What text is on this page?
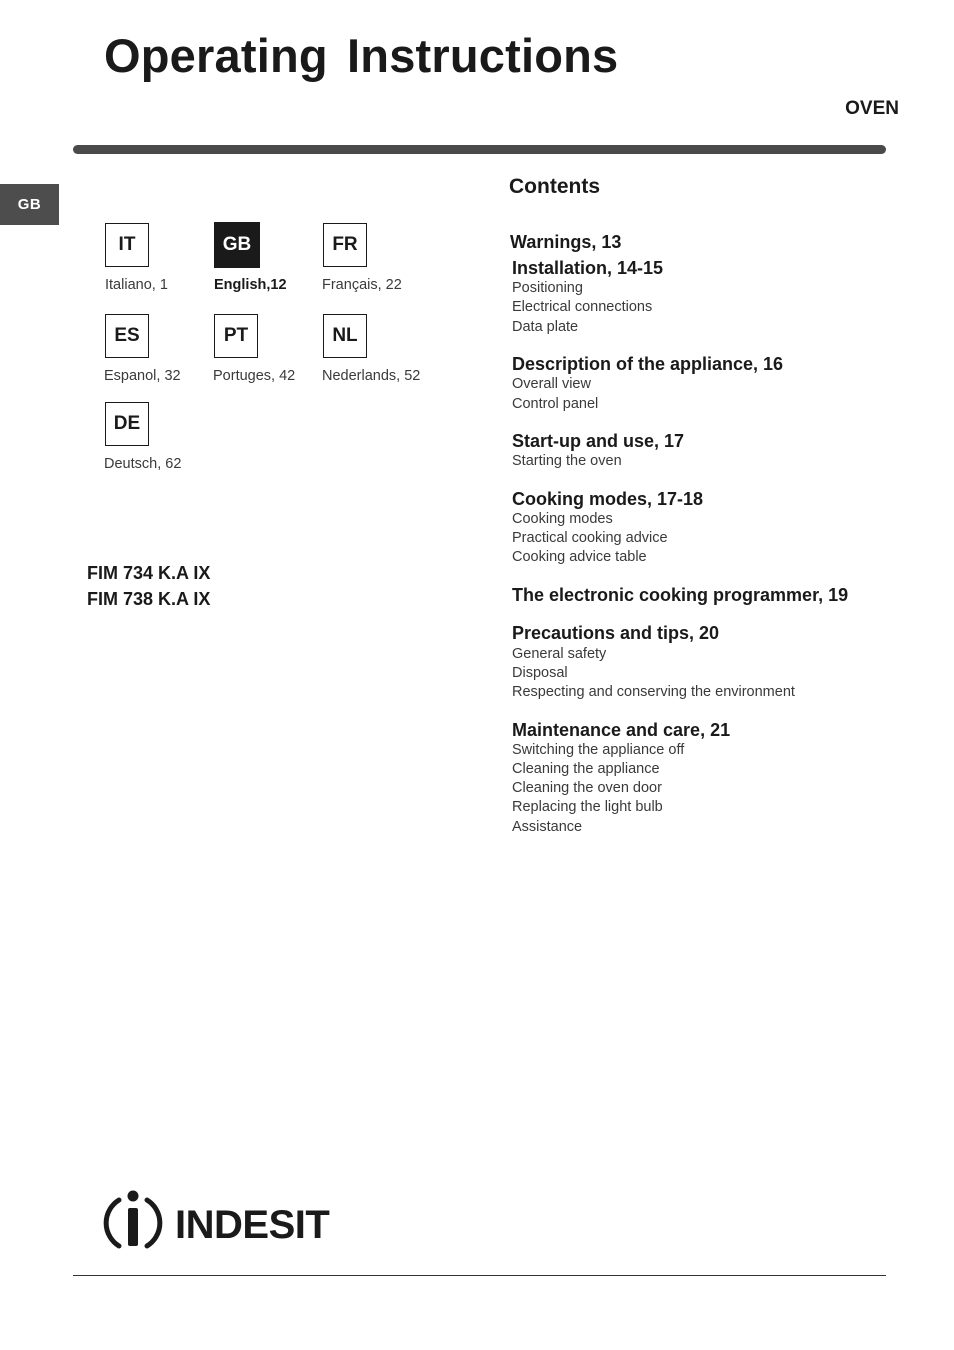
Operating Instructions
OVEN
GB
IT
Italiano, 1
GB
English,12
FR
Français, 22
ES
Espanol, 32
PT
Portuges, 42
NL
Nederlands, 52
DE
Deutsch, 62
FIM 734 K.A IX
FIM 738 K.A IX
Contents
Warnings, 13
Installation, 14-15
Positioning
Electrical connections
Data plate
Description of the appliance, 16
Overall view
Control panel
Start-up and use, 17
Starting the oven
Cooking modes, 17-18
Cooking modes
Practical cooking advice
Cooking advice table
The electronic cooking programmer, 19
Precautions and tips, 20
General safety
Disposal
Respecting and conserving the environment
Maintenance and care, 21
Switching the appliance off
Cleaning the appliance
Cleaning the oven door
Replacing the light bulb
Assistance
INDESIT
